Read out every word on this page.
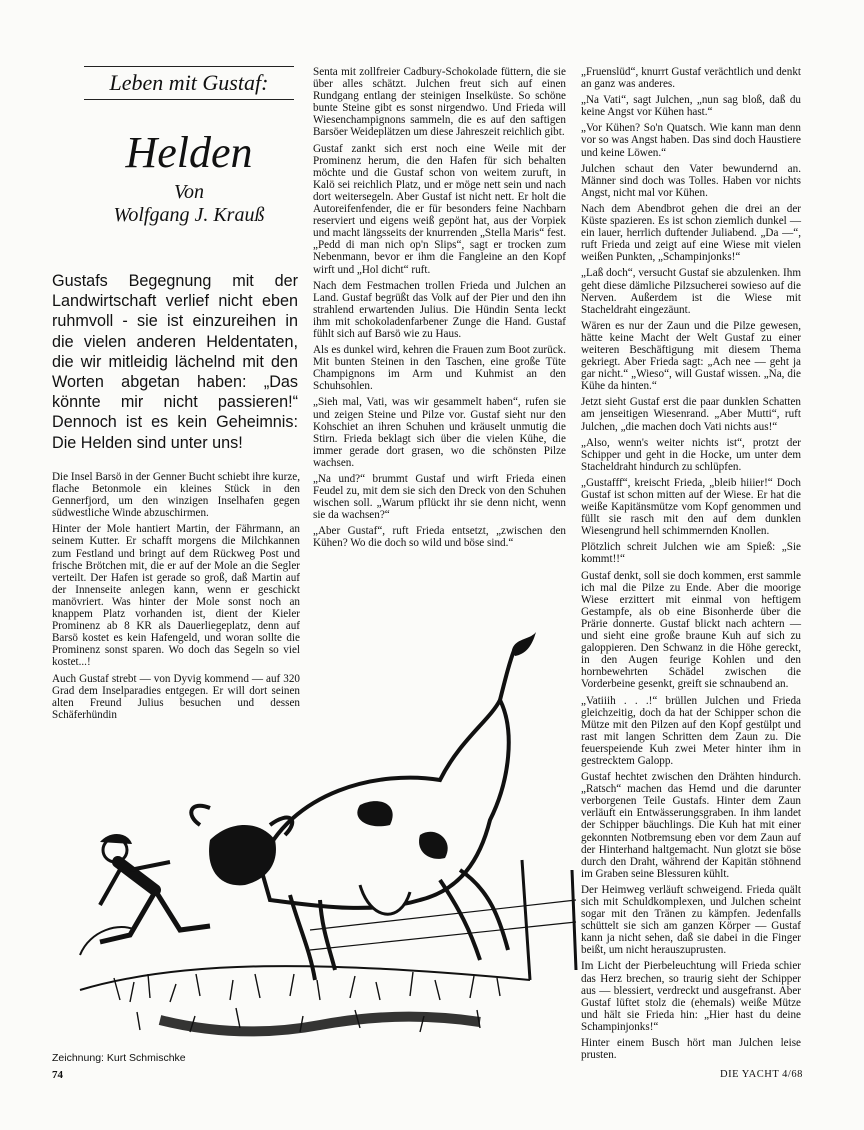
Leben mit Gustaf:
Helden
Von
Wolfgang J. Krauß
Gustafs Begegnung mit der Landwirtschaft verlief nicht eben ruhmvoll - sie ist einzureihen in die vielen anderen Heldentaten, die wir mitleidig lächelnd mit den Worten abgetan haben: „Das könnte mir nicht passieren!“ Dennoch ist es kein Geheimnis: Die Helden sind unter uns!

Die Insel Barsö in der Genner Bucht schiebt ihre kurze, flache Betonmole ein kleines Stück in den Gennerfjord, um den winzigen Inselhafen gegen südwestliche Winde abzuschirmen.

Hinter der Mole hantiert Martin, der Fährmann, an seinem Kutter. Er schafft morgens die Milchkannen zum Festland und bringt auf dem Rückweg Post und frische Brötchen mit, die er auf der Mole an die Segler verteilt. Der Hafen ist gerade so groß, daß Martin auf der Innenseite anlegen kann, wenn er geschickt manövriert. Was hinter der Mole sonst noch an knappem Platz vorhanden ist, dient der Kieler Prominenz ab 8 KR als Dauerliegeplatz, denn auf Barsö kostet es kein Hafengeld, und woran sollte die Prominenz sonst sparen. Wo doch das Segeln so viel kostet...!

Auch Gustaf strebt — von Dyvig kommend — auf 320 Grad dem Inselparadies entgegen. Er will dort seinen alten Freund Julius besuchen und dessen Schäferhündin

Senta mit zollfreier Cadbury-Schokolade füttern, die sie über alles schätzt. Julchen freut sich auf einen Rundgang entlang der steinigen Inselküste. So schöne bunte Steine gibt es sonst nirgendwo. Und Frieda will Wiesenchampignons sammeln, die es auf den saftigen Barsöer Weideplätzen um diese Jahreszeit reichlich gibt.

Gustaf zankt sich erst noch eine Weile mit der Prominenz herum, die den Hafen für sich behalten möchte und die Gustaf schon von weitem zuruft, in Kalö sei reichlich Platz, und er möge nett sein und nach dort weitersegeln. Aber Gustaf ist nicht nett. Er holt die Autoreifenfender, die er für besonders feine Nachbarn reserviert und eigens weiß gepönt hat, aus der Vorpiek und macht längsseits der knurrenden „Stella Maris“ fest. „Pedd di man nich op'n Slips“, sagt er trocken zum Nebenmann, bevor er ihm die Fangleine an den Kopf wirft und „Hol dicht“ ruft.

Nach dem Festmachen trollen Frieda und Julchen an Land. Gustaf begrüßt das Volk auf der Pier und den ihn strahlend erwartenden Julius. Die Hündin Senta leckt ihm mit schokoladenfarbener Zunge die Hand. Gustaf fühlt sich auf Barsö wie zu Haus.

Als es dunkel wird, kehren die Frauen zum Boot zurück. Mit bunten Steinen in den Taschen, eine große Tüte Champignons im Arm und Kuhmist an den Schuhsohlen.

„Sieh mal, Vati, was wir gesammelt haben“, rufen sie und zeigen Steine und Pilze vor. Gustaf sieht nur den Kohschiet an ihren Schuhen und kräuselt unmutig die Stirn. Frieda beklagt sich über die vielen Kühe, die immer gerade dort grasen, wo die schönsten Pilze wachsen.

„Na und?“ brummt Gustaf und wirft Frieda einen Feudel zu, mit dem sie sich den Dreck von den Schuhen wischen soll. „Warum pflückt ihr sie denn nicht, wenn sie da wachsen?“

„Aber Gustaf“, ruft Frieda entsetzt, „zwischen den Kühen? Wo die doch so wild und böse sind.“

„Fruenslüd“, knurrt Gustaf verächtlich und denkt an ganz was anderes.

„Na Vati“, sagt Julchen, „nun sag bloß, daß du keine Angst vor Kühen hast.“

„Vor Kühen? So'n Quatsch. Wie kann man denn vor so was Angst haben. Das sind doch Haustiere und keine Löwen.“

Julchen schaut den Vater bewundernd an. Männer sind doch was Tolles. Haben vor nichts Angst, nicht mal vor Kühen.

Nach dem Abendbrot gehen die drei an der Küste spazieren. Es ist schon ziemlich dunkel — ein lauer, herrlich duftender Juliabend. „Da —“, ruft Frieda und zeigt auf eine Wiese mit vielen weißen Punkten, „Schampinjonks!“

„Laß doch“, versucht Gustaf sie abzulenken. Ihm geht diese dämliche Pilzsucherei sowieso auf die Nerven. Außerdem ist die Wiese mit Stacheldraht eingezäunt.

Wären es nur der Zaun und die Pilze gewesen, hätte keine Macht der Welt Gustaf zu einer weiteren Beschäftigung mit diesem Thema gekriegt. Aber Frieda sagt: „Ach nee — geht ja gar nicht.“ „Wieso“, will Gustaf wissen. „Na, die Kühe da hinten.“

Jetzt sieht Gustaf erst die paar dunklen Schatten am jenseitigen Wiesenrand. „Aber Mutti“, ruft Julchen, „die machen doch Vati nichts aus!“

„Also, wenn's weiter nichts ist“, protzt der Schipper und geht in die Hocke, um unter dem Stacheldraht hindurch zu schlüpfen.

„Gustafff“, kreischt Frieda, „bleib hiiier!“ Doch Gustaf ist schon mitten auf der Wiese. Er hat die weiße Kapitänsmütze vom Kopf genommen und füllt sie rasch mit den auf dem dunklen Wiesengrund hell schimmernden Knollen.

Plötzlich schreit Julchen wie am Spieß: „Sie kommt!!“

Gustaf denkt, soll sie doch kommen, erst sammle ich mal die Pilze zu Ende. Aber die moorige Wiese erzittert mit einmal von heftigem Gestampfe, als ob eine Bisonherde über die Prärie donnerte. Gustaf blickt nach achtern — und sieht eine große braune Kuh auf sich zu galoppieren. Den Schwanz in die Höhe gereckt, in den Augen feurige Kohlen und den hornbewehrten Schädel zwischen die Vorderbeine gesenkt, greift sie schnaubend an.

„Vatiiih . . .!“ brüllen Julchen und Frieda gleichzeitig, doch da hat der Schipper schon die Mütze mit den Pilzen auf den Kopf gestülpt und rast mit langen Schritten dem Zaun zu. Die feuerspeiende Kuh zwei Meter hinter ihm in gestrecktem Galopp.

Gustaf hechtet zwischen den Drähten hindurch. „Ratsch“ machen das Hemd und die darunter verborgenen Teile Gustafs. Hinter dem Zaun verläuft ein Entwässerungsgraben. In ihm landet der Schipper bäuchlings. Die Kuh hat mit einer gekonnten Notbremsung eben vor dem Zaun auf der Hinterhand haltgemacht. Nun glotzt sie böse durch den Draht, während der Kapitän stöhnend im Graben seine Blessuren kühlt.

Der Heimweg verläuft schweigend. Frieda quält sich mit Schuldkomplexen, und Julchen scheint sogar mit den Tränen zu kämpfen. Jedenfalls schüttelt sie sich am ganzen Körper — Gustaf kann ja nicht sehen, daß sie dabei in die Finger beißt, um nicht herauszuprusten.

Im Licht der Pierbeleuchtung will Frieda schier das Herz brechen, so traurig sieht der Schipper aus — blessiert, verdreckt und ausgefranst. Aber Gustaf lüftet stolz die (ehemals) weiße Mütze und hält sie Frieda hin: „Hier hast du deine Schampinjonks!“

Hinter einem Busch hört man Julchen leise prusten.

Zeichnung: Kurt Schmischke
74	DIE YACHT 4/68
